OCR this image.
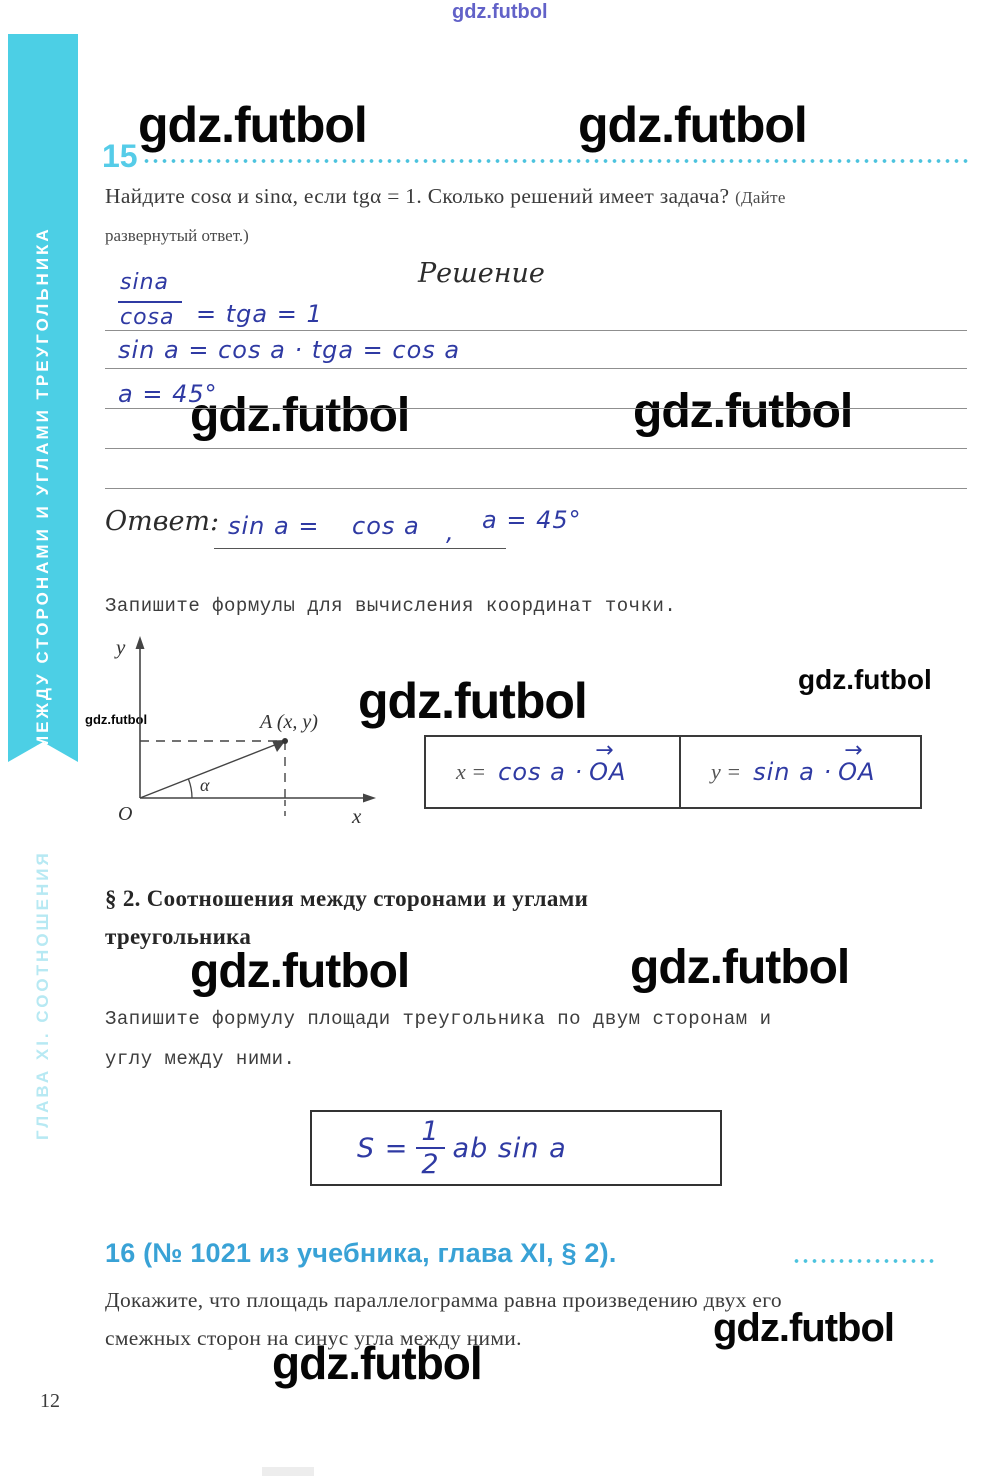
gdz.futbol
МЕЖДУ СТОРОНАМИ И УГЛАМИ ТРЕУГОЛЬНИКА
ГЛАВА XI. СООТНОШЕНИЯ
gdz.futbol	gdz.futbol
gdz.futbol	gdz.futbol
gdz.futbol	gdz.futbol
gdz.futbol
gdz.futbol	gdz.futbol
gdz.futbol
gdz.futbol
15
Найдите cosα и sinα, если tgα = 1. Сколько решений имеет задача? (Дайте
развернутый ответ.)
Решение
sina
cosa = tga = 1
sin a = cos a · tga = cos a
a = 45°
Ответ: sin a = cos a , a = 45°
Запишите формулы для вычисления координат точки.
y
x
O
A (x, y)
α
x = cos a ·
→
OA	y = sin a ·
→
OA
§ 2. Соотношения между сторонами и углами
треугольника
Запишите формулу площади треугольника по двум сторонам и
углу между ними.
$S = \frac{1}{2}$ ab sin a
16 (№ 1021 из учебника, глава XI, § 2).
Докажите, что площадь параллелограмма равна произведению двух его
смежных сторон на синус угла между ними.
12
